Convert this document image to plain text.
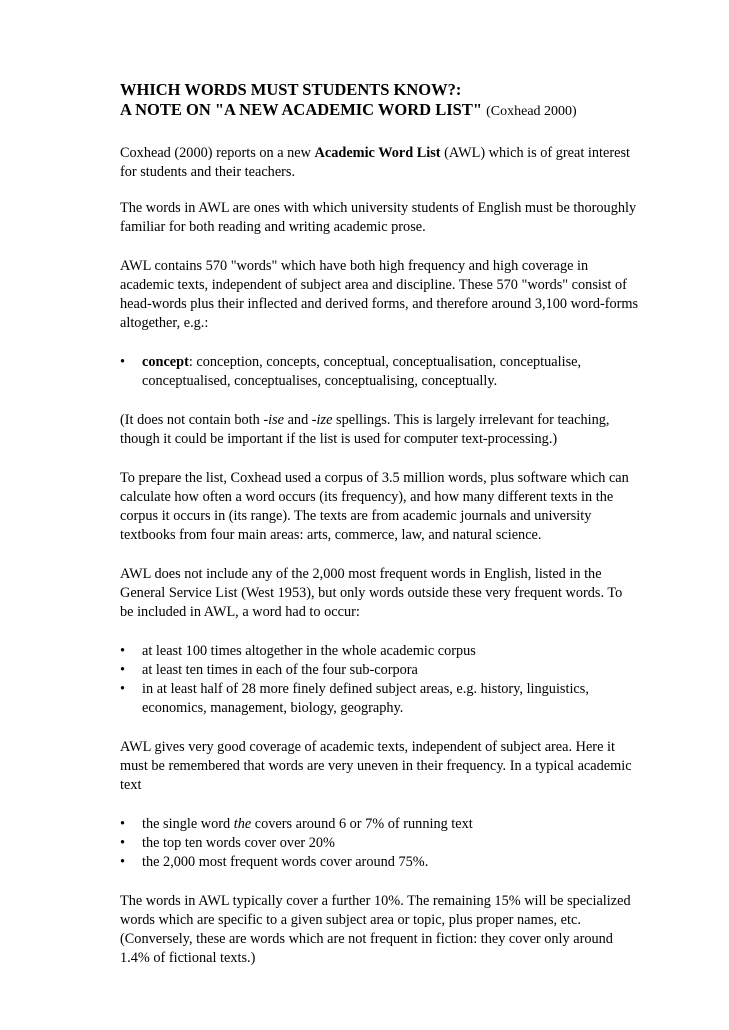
WHICH WORDS MUST STUDENTS KNOW?:

A NOTE ON "A NEW ACADEMIC WORD LIST" (Coxhead 2000)

Coxhead (2000) reports on a new Academic Word List (AWL) which is of great interest for students and their teachers.

The words in AWL are ones with which university students of English must be thoroughly familiar for both reading and writing academic prose.

AWL contains 570 "words" which have both high frequency and high coverage in academic texts, independent of subject area and discipline. These 570 "words" consist of head-words plus their inflected and derived forms, and therefore around 3,100 word-forms altogether, e.g.:

• concept: conception, concepts, conceptual, conceptualisation, conceptualise, conceptualised, conceptualises, conceptualising, conceptually.

(It does not contain both -ise and -ize spellings. This is largely irrelevant for teaching, though it could be important if the list is used for computer text-processing.)

To prepare the list, Coxhead used a corpus of 3.5 million words, plus software which can calculate how often a word occurs (its frequency), and how many different texts in the corpus it occurs in (its range). The texts are from academic journals and university textbooks from four main areas: arts, commerce, law, and natural science.

AWL does not include any of the 2,000 most frequent words in English, listed in the General Service List (West 1953), but only words outside these very frequent words. To be included in AWL, a word had to occur:

• at least 100 times altogether in the whole academic corpus
• at least ten times in each of the four sub-corpora
• in at least half of 28 more finely defined subject areas, e.g. history, linguistics, economics, management, biology, geography.

AWL gives very good coverage of academic texts, independent of subject area. Here it must be remembered that words are very uneven in their frequency. In a typical academic text

• the single word the covers around 6 or 7% of running text
• the top ten words cover over 20%
• the 2,000 most frequent words cover around 75%.

The words in AWL typically cover a further 10%. The remaining 15% will be specialized words which are specific to a given subject area or topic, plus proper names, etc. (Conversely, these are words which are not frequent in fiction: they cover only around 1.4% of fictional texts.)
